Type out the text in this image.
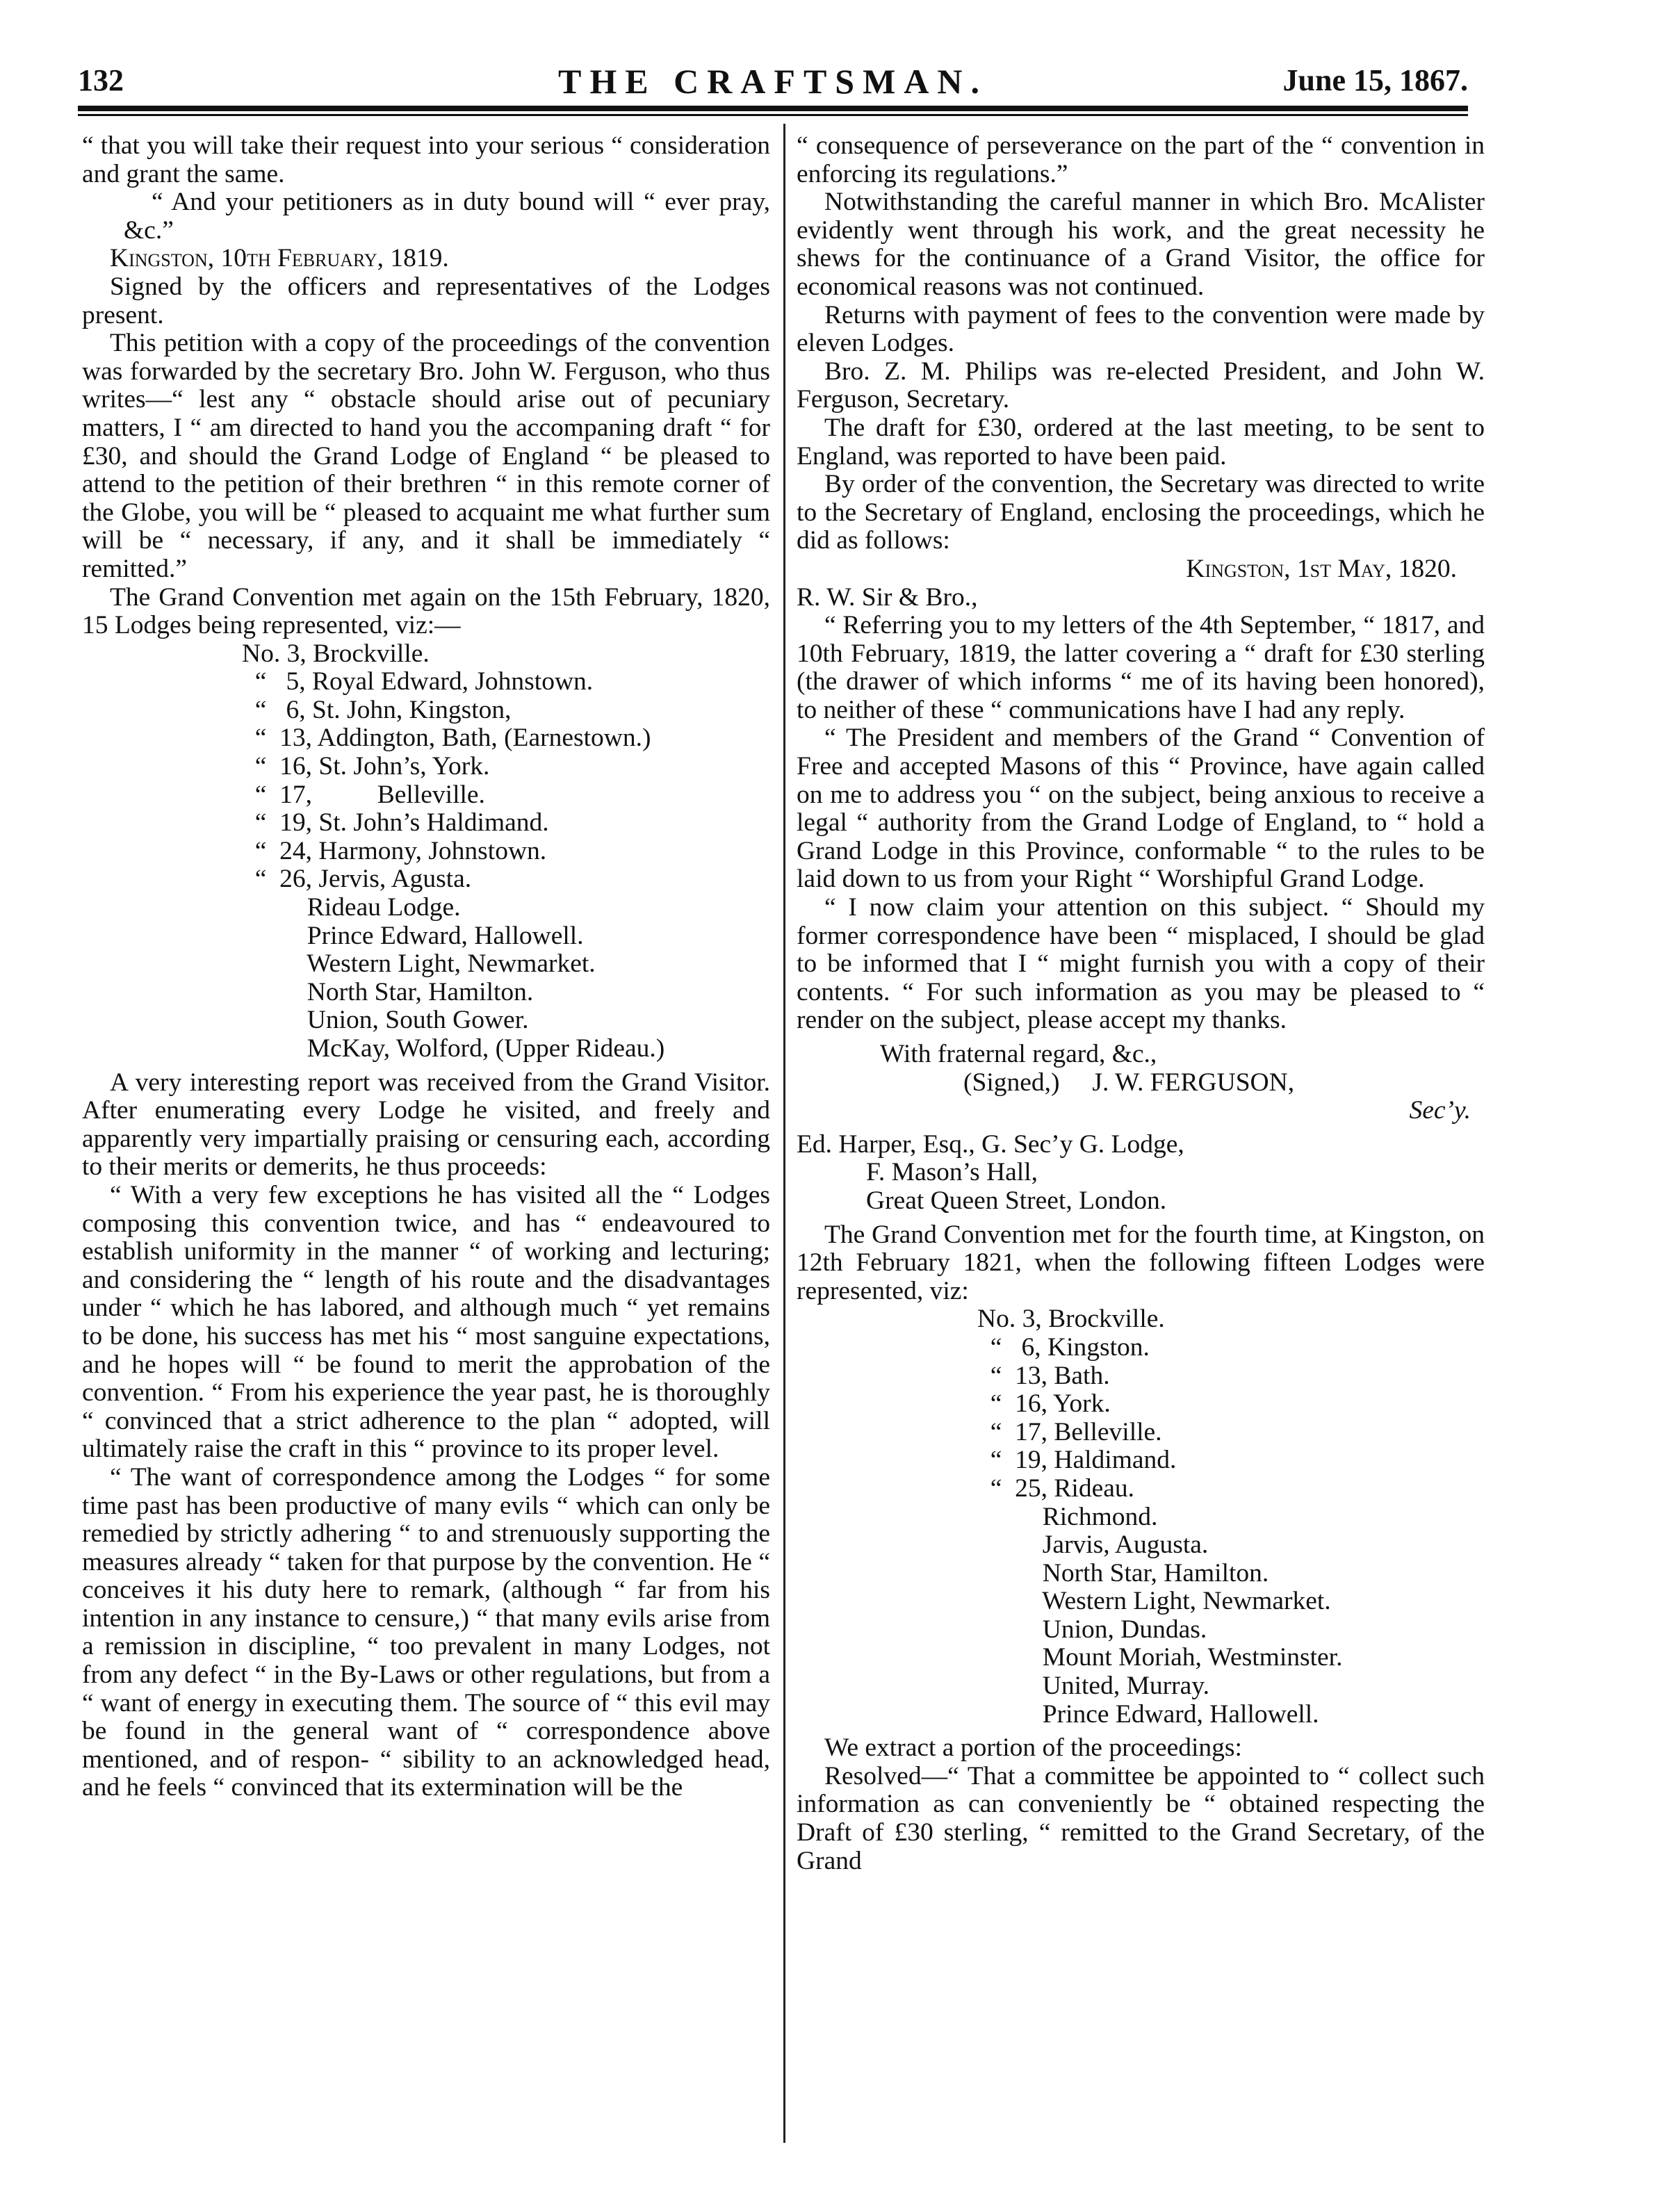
132	THE CRAFTSMAN.	June 15, 1867.

“ that you will take their request into your serious “ consideration and grant the same.

“ And your petitioners as in duty bound will “ ever pray, &c.”

Kingston, 10th February, 1819.

Signed by the officers and representatives of the Lodges present.

This petition with a copy of the proceedings of the convention was forwarded by the secretary Bro. John W. Ferguson, who thus writes—“ lest any “ obstacle should arise out of pecuniary matters, I “ am directed to hand you the accompaning draft “ for £30, and should the Grand Lodge of England “ be pleased to attend to the petition of their brethren “ in this remote corner of the Globe, you will be “ pleased to acquaint me what further sum will be “ necessary, if any, and it shall be immediately “ remitted.”

The Grand Convention met again on the 15th February, 1820, 15 Lodges being represented, viz:—

No. 3, Brockville.
“   5, Royal Edward, Johnstown.
“   6, St. John, Kingston,
“  13, Addington, Bath, (Earnestown.)
“  16, St. John’s, York.
“  17,          Belleville.
“  19, St. John’s Haldimand.
“  24, Harmony, Johnstown.
“  26, Jervis, Agusta.
Rideau Lodge.
Prince Edward, Hallowell.
Western Light, Newmarket.
North Star, Hamilton.
Union, South Gower.
McKay, Wolford, (Upper Rideau.)

A very interesting report was received from the Grand Visitor. After enumerating every Lodge he visited, and freely and apparently very impartially praising or censuring each, according to their merits or demerits, he thus proceeds:

“ With a very few exceptions he has visited all the “ Lodges composing this convention twice, and has “ endeavoured to establish uniformity in the manner “ of working and lecturing; and considering the “ length of his route and the disadvantages under “ which he has labored, and although much “ yet remains to be done, his success has met his “ most sanguine expectations, and he hopes will “ be found to merit the approbation of the convention. “ From his experience the year past, he is thoroughly “ convinced that a strict adherence to the plan “ adopted, will ultimately raise the craft in this “ province to its proper level.

“ The want of correspondence among the Lodges “ for some time past has been productive of many evils “ which can only be remedied by strictly adhering “ to and strenuously supporting the measures already “ taken for that purpose by the convention. He “ conceives it his duty here to remark, (although “ far from his intention in any instance to censure,) “ that many evils arise from a remission in discipline, “ too prevalent in many Lodges, not from any defect “ in the By-Laws or other regulations, but from a “ want of energy in executing them. The source of “ this evil may be found in the general want of “ correspondence above mentioned, and of respon- “ sibility to an acknowledged head, and he feels “ convinced that its extermination will be the

“ consequence of perseverance on the part of the “ convention in enforcing its regulations.”

Notwithstanding the careful manner in which Bro. McAlister evidently went through his work, and the great necessity he shews for the continuance of a Grand Visitor, the office for economical reasons was not continued.

Returns with payment of fees to the convention were made by eleven Lodges.

Bro. Z. M. Philips was re-elected President, and John W. Ferguson, Secretary.

The draft for £30, ordered at the last meeting, to be sent to England, was reported to have been paid.

By order of the convention, the Secretary was directed to write to the Secretary of England, enclosing the proceedings, which he did as follows:

Kingston, 1st May, 1820.

R. W. Sir & Bro.,

“ Referring you to my letters of the 4th September, “ 1817, and 10th February, 1819, the latter covering a “ draft for £30 sterling (the drawer of which informs “ me of its having been honored), to neither of these “ communications have I had any reply.

“ The President and members of the Grand “ Convention of Free and accepted Masons of this “ Province, have again called on me to address you “ on the subject, being anxious to receive a legal “ authority from the Grand Lodge of England, to “ hold a Grand Lodge in this Province, conformable “ to the rules to be laid down to us from your Right “ Worshipful Grand Lodge.

“ I now claim your attention on this subject. “ Should my former correspondence have been “ misplaced, I should be glad to be informed that I “ might furnish you with a copy of their contents. “ For such information as you may be pleased to “ render on the subject, please accept my thanks.

With fraternal regard, &c.,

(Signed,)     J. W. FERGUSON,

Sec’y.

Ed. Harper, Esq., G. Sec’y G. Lodge,

F. Mason’s Hall,

Great Queen Street, London.

The Grand Convention met for the fourth time, at Kingston, on 12th February 1821, when the following fifteen Lodges were represented, viz:

No. 3, Brockville.
“   6, Kingston.
“  13, Bath.
“  16, York.
“  17, Belleville.
“  19, Haldimand.
“  25, Rideau.
Richmond.
Jarvis, Augusta.
North Star, Hamilton.
Western Light, Newmarket.
Union, Dundas.
Mount Moriah, Westminster.
United, Murray.
Prince Edward, Hallowell.

We extract a portion of the proceedings:

Resolved—“ That a committee be appointed to “ collect such information as can conveniently be “ obtained respecting the Draft of £30 sterling, “ remitted to the Grand Secretary, of the Grand
